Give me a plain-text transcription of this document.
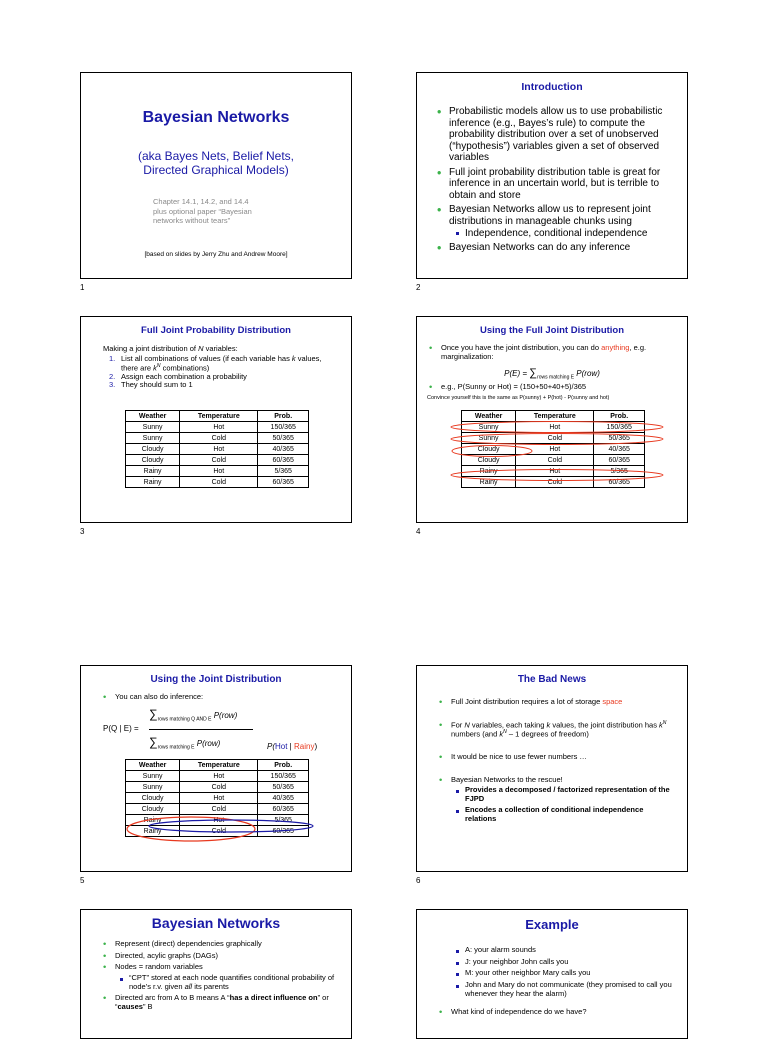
Bayesian Networks
(aka Bayes Nets, Belief Nets,
Directed Graphical Models)
Chapter 14.1, 14.2, and 14.4
plus optional paper “Bayesian
networks without tears”
[based on slides by Jerry Zhu and Andrew Moore]
1
Introduction
• Probabilistic models allow us to use probabilistic inference (e.g., Bayes’s rule) to compute the probability distribution over a set of unobserved (“hypothesis”) variables given a set of observed variables
• Full joint probability distribution table is great for inference in an uncertain world, but is terrible to obtain and store
• Bayesian Networks allow us to represent joint distributions in manageable chunks using
Independence, conditional independence
• Bayesian Networks can do any inference
2
Full Joint Probability Distribution
Making a joint distribution of N variables:
1. List all combinations of values (if each variable has k values, there are $k^N$ combinations)
2. Assign each combination a probability
3. They should sum to 1
Weather	Temperature	Prob.
Sunny	Hot	150/365
Sunny	Cold	50/365
Cloudy	Hot	40/365
Cloudy	Cold	60/365
Rainy	Hot	5/365
Rainy	Cold	60/365
3
Using the Full Joint Distribution
• Once you have the joint distribution, you can do anything, e.g. marginalization:
$P(E) = \sum_{rows matching E}$ P(row)
• e.g., P(Sunny or Hot) = (150+50+40+5)/365
Convince yourself this is the same as P(sunny) + P(hot) - P(sunny and hot)
Weather	Temperature	Prob.
Sunny	Hot	150/365
Sunny	Cold	50/365
Cloudy	Hot	40/365
Cloudy	Cold	60/365
Rainy	Hot	5/365
Rainy	Cold	60/365
4
Using the Joint Distribution
• You can also do inference:
$\sum_{rows matching Q AND E}$ P(row)
P(Q | E) =
$\sum_{rows matching E}$ P(row)	P(Hot | Rainy)
Weather	Temperature	Prob.
Sunny	Hot	150/365
Sunny	Cold	50/365
Cloudy	Hot	40/365
Cloudy	Cold	60/365
Rainy	Hot	5/365
Rainy	Cold	60/365
5
The Bad News
• Full Joint distribution requires a lot of storage space
• For N variables, each taking k values, the joint distribution has $k^N$ numbers (and $k^N - 1$ degrees of freedom)
• It would be nice to use fewer numbers …
• Bayesian Networks to the rescue!
Provides a decomposed / factorized representation of the FJPD
Encodes a collection of conditional independence relations
6
Bayesian Networks
• Represent (direct) dependencies graphically
• Directed, acylic graphs (DAGs)
• Nodes = random variables
“CPT” stored at each node quantifies conditional probability of node’s r.v. given all its parents
• Directed arc from A to B means A “has a direct influence on” or “causes” B
Example
A: your alarm sounds
J: your neighbor John calls you
M: your other neighbor Mary calls you
John and Mary do not communicate (they promised to call you whenever they hear the alarm)
• What kind of independence do we have?
